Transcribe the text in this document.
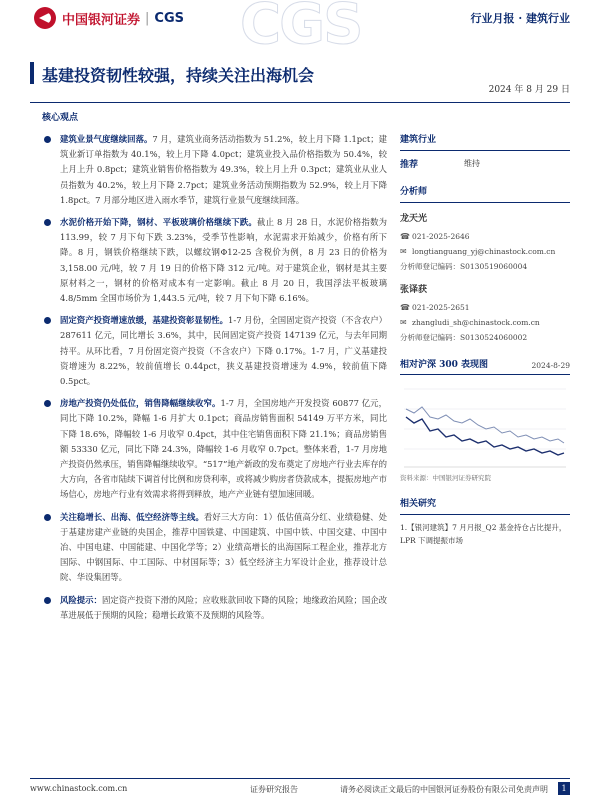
中国银河证券 | CGS CGS	行业月报 · 建筑行业
基建投资韧性较强，持续关注出海机会
2024 年 8 月 29 日
核心观点
建筑业景气度继续回落。7 月，建筑业商务活动指数为 51.2%，较上月下降 1.1pct；建筑业新订单指数为 40.1%，较上月下降 4.0pct；建筑业投入品价格指数为 50.4%，较上月上升 0.8pct；建筑业销售价格指数为 49.3%，较上月上升 0.3pct；建筑业从业人员指数为 40.2%，较上月下降 2.7pct；建筑业务活动预期指数为 52.9%，较上月下降 1.8pct。7 月部分地区进入雨水季节，建筑行业景气度继续回落。
水泥价格开始下降，钢材、平板玻璃价格继续下跌。截止 8 月 28 日，水泥价格指数为 113.99，较 7 月下旬下跌 3.23%，受季节性影响，水泥需求开始减少，价格有所下降。8 月，钢铁价格继续下跌，以螺纹钢Φ12-25 含税价为例，8 月 23 日的价格为 3,158.00 元/吨，较 7 月 19 日的价格下降 312 元/吨。对于建筑企业，钢材是其主要原材料之一，钢材的价格对成本有一定影响。截止 8 月 20 日，我国浮法平板玻璃 4.8/5mm 全国市场价为 1,443.5 元/吨，较 7 月下旬下降 6.16%。
固定资产投资增速放缓，基建投资彰显韧性。1-7 月份，全国固定资产投资（不含农户）287611 亿元，同比增长 3.6%，其中，民间固定资产投资 147139 亿元，与去年同期持平。从环比看，7 月份固定资产投资（不含农户）下降 0.17%。1-7 月，广义基建投资增速为 8.22%，较前值增长 0.44pct，狭义基建投资增速为 4.9%，较前值下降 0.5pct。
房地产投资仍处低位，销售降幅继续收窄。1-7 月，全国房地产开发投资 60877 亿元，同比下降 10.2%，降幅 1-6 月扩大 0.1pct；商品房销售面积 54149 万平方米，同比下降 18.6%，降幅较 1-6 月收窄 0.4pct，其中住宅销售面积下降 21.1%；商品房销售额 53330 亿元，同比下降 24.3%，降幅较 1-6 月收窄 0.7pct。整体来看，1-7 月房地产投资仍然承压，销售降幅继续收窄。“517”地产新政的发布奠定了房地产行业去库存的大方向，各省市陆续下调首付比例和房贷利率，或将减少购房者贷款成本，提振房地产市场信心，房地产行业有效需求将得到释放，地产产业链有望加速回暖。
关注稳增长、出海、低空经济等主线。看好三大方向：1）低估值高分红、业绩稳健、处于基建房建产业链的央国企，推荐中国铁建、中国建筑、中国中铁、中国交建、中国中冶、中国电建、中国能建、中国化学等；2）业绩高增长的出海国际工程企业，推荐北方国际、中钢国际、中工国际、中材国际等；3）低空经济主力军设计企业，推荐设计总院、华设集团等。
风险提示：固定资产投资下滑的风险；应收账款回收下降的风险；地缘政治风险；国企改革进展低于预期的风险；稳增长政策不及预期的风险等。
建筑行业
推荐	维持
分析师
龙天光
☎ 021-2025-2646
✉ longtianguang_yj@chinastock.com.cn
分析师登记编码：S0130519060004
张译获
☎ 021-2025-2651
✉ zhangludi_sh@chinastock.com.cn
分析师登记编码：S0130524060002
相对沪深 300 表现图	2024-8-29
资料来源：中国银河证券研究院
相关研究
1.【银河建筑】7 月月报_Q2 基金持仓占比提升，LPR 下调提振市场
www.chinastock.com.cn	证券研究报告	请务必阅读正文最后的中国银河证券股份有限公司免责声明	1
